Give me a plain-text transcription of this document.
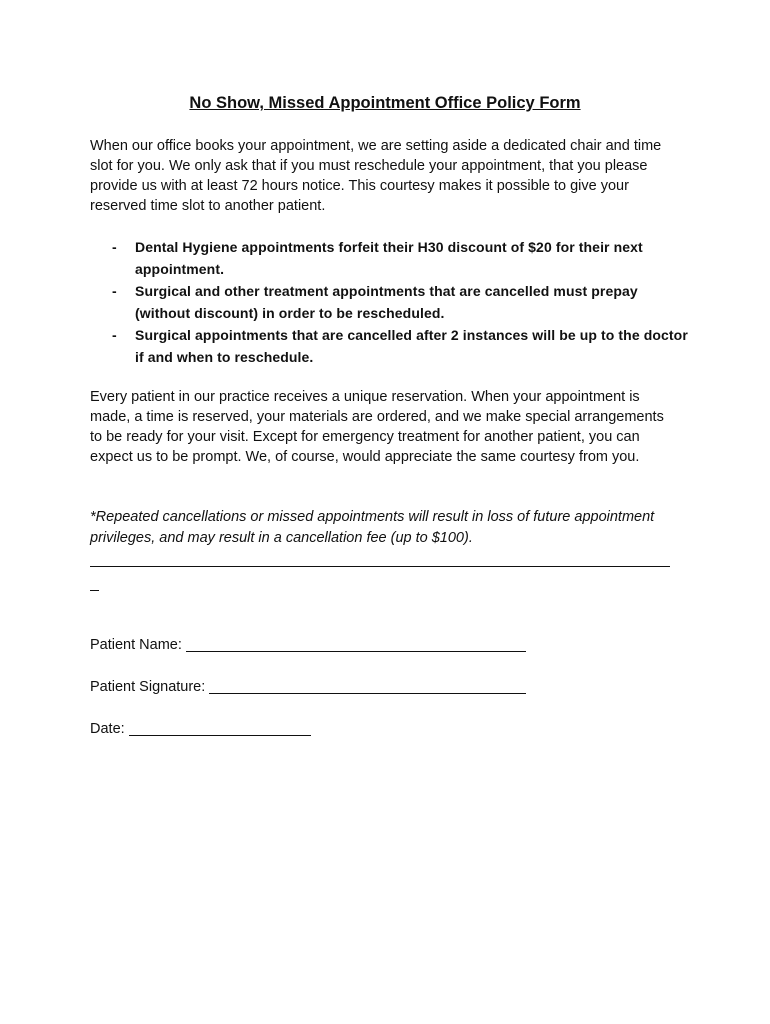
No Show, Missed Appointment Office Policy Form

When our office books your appointment, we are setting aside a dedicated chair and time slot for you. We only ask that if you must reschedule your appointment, that you please provide us with at least 72 hours notice. This courtesy makes it possible to give your reserved time slot to another patient.

- Dental Hygiene appointments forfeit their H30 discount of $20 for their next appointment.
- Surgical and other treatment appointments that are cancelled must prepay (without discount) in order to be rescheduled.
- Surgical appointments that are cancelled after 2 instances will be up to the doctor if and when to reschedule.

Every patient in our practice receives a unique reservation. When your appointment is made, a time is reserved, your materials are ordered, and we make special arrangements to be ready for your visit. Except for emergency treatment for another patient, you can expect us to be prompt. We, of course, would appreciate the same courtesy from you.

*Repeated cancellations or missed appointments will result in loss of future appointment privileges, and may result in a cancellation fee (up to $100).

Patient Name:
Patient Signature:
Date:
